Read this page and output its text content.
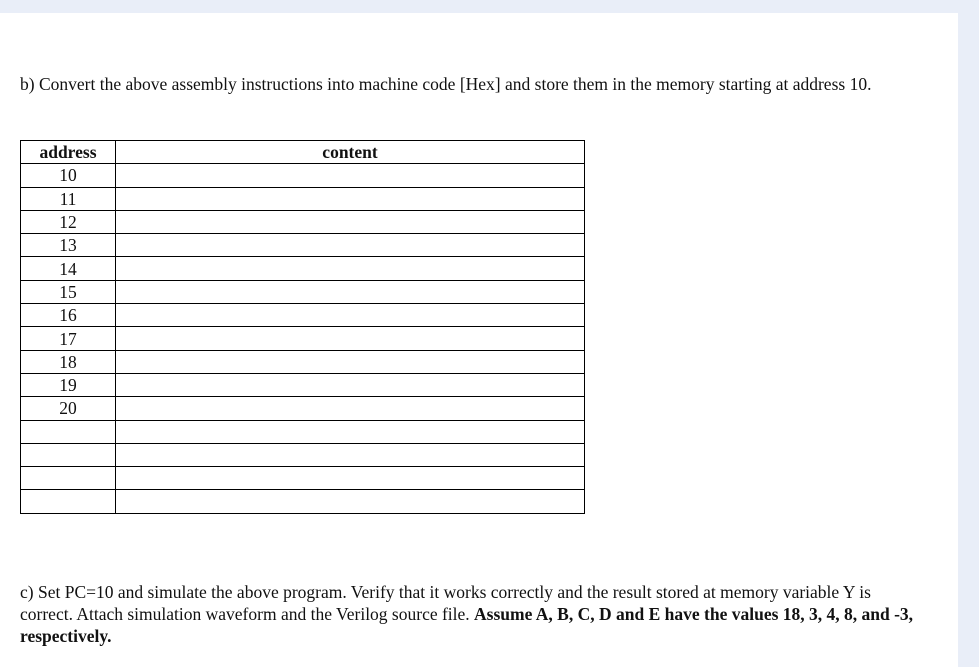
b) Convert the above assembly instructions into machine code [Hex] and store them in the memory starting at address 10.

address	content
10	
11	
12	
13	
14	
15	
16	
17	
18	
19	
20	

c) Set PC=10 and simulate the above program. Verify that it works correctly and the result stored at memory variable Y is correct. Attach simulation waveform and the Verilog source file. Assume A, B, C, D and E have the values 18, 3, 4, 8, and -3, respectively.
